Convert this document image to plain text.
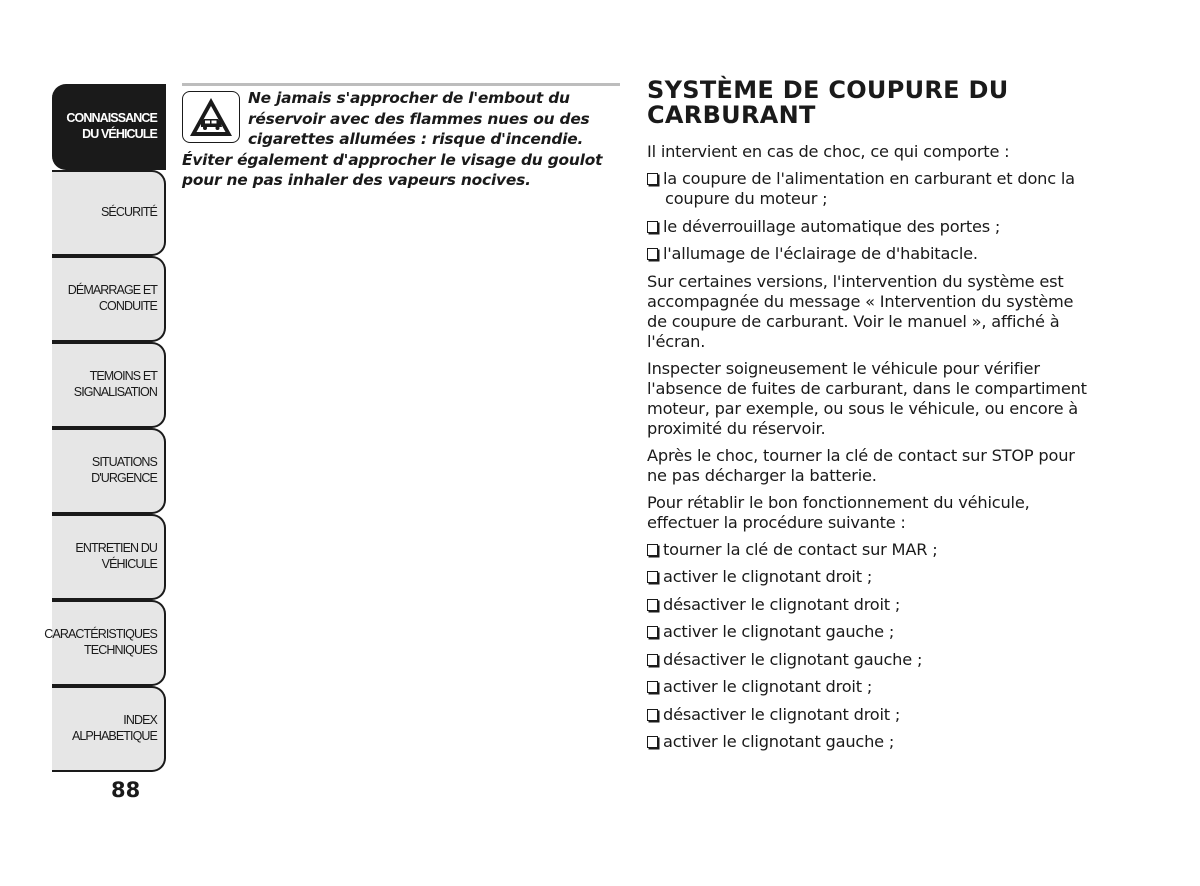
CONNAISSANCE
DU VÉHICULE
SÉCURITÉ
DÉMARRAGE ET
CONDUITE
TEMOINS ET
SIGNALISATION
SITUATIONS
D'URGENCE
ENTRETIEN DU
VÉHICULE
CARACTÉRISTIQUES
TECHNIQUES
INDEX
ALPHABETIQUE
88
Ne jamais s'approcher de l'embout du réservoir avec des flammes nues ou des cigarettes allumées : risque d'incendie. Éviter également d'approcher le visage du goulot pour ne pas inhaler des vapeurs nocives.
SYSTÈME DE COUPURE DU CARBURANT
Il intervient en cas de choc, ce qui comporte :
la coupure de l'alimentation en carburant et donc la coupure du moteur ;
le déverrouillage automatique des portes ;
l'allumage de l'éclairage de d'habitacle.
Sur certaines versions, l'intervention du système est accompagnée du message « Intervention du système de coupure de carburant. Voir le manuel », affiché à l'écran.
Inspecter soigneusement le véhicule pour vérifier l'absence de fuites de carburant, dans le compartiment moteur, par exemple, ou sous le véhicule, ou encore à proximité du réservoir.
Après le choc, tourner la clé de contact sur STOP pour ne pas décharger la batterie.
Pour rétablir le bon fonctionnement du véhicule, effectuer la procédure suivante :
tourner la clé de contact sur MAR ;
activer le clignotant droit ;
désactiver le clignotant droit ;
activer le clignotant gauche ;
désactiver le clignotant gauche ;
activer le clignotant droit ;
désactiver le clignotant droit ;
activer le clignotant gauche ;
